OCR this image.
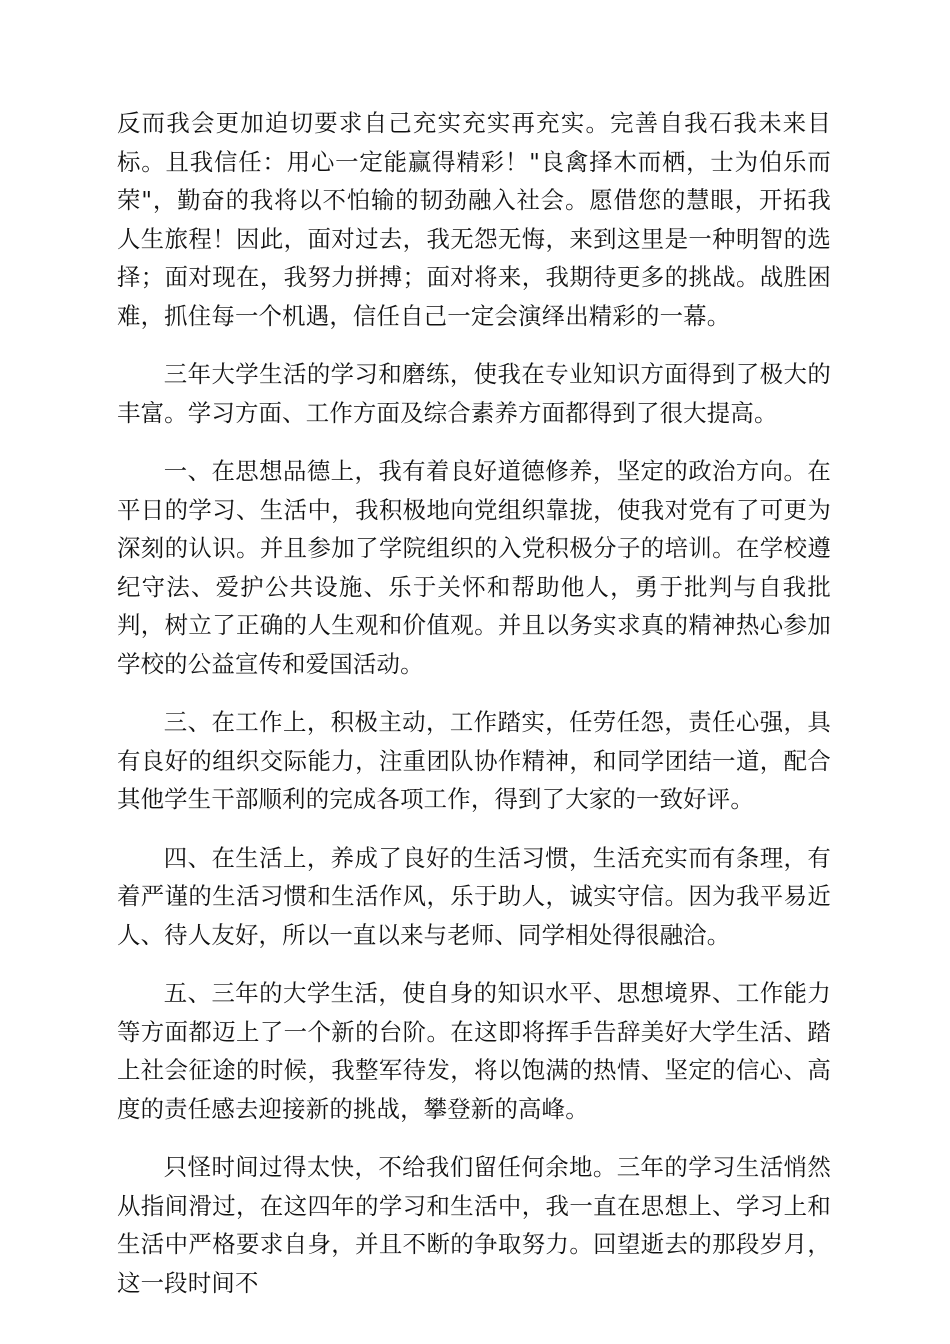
反而我会更加迫切要求自己充实充实再充实。完善自我石我未来目标。且我信任：用心一定能赢得精彩！"良禽择木而栖，士为伯乐而荣"，勤奋的我将以不怕输的韧劲融入社会。愿借您的慧眼，开拓我人生旅程！因此，面对过去，我无怨无悔，来到这里是一种明智的选择；面对现在，我努力拼搏；面对将来，我期待更多的挑战。战胜困难，抓住每一个机遇，信任自己一定会演绎出精彩的一幕。

三年大学生活的学习和磨练，使我在专业知识方面得到了极大的丰富。学习方面、工作方面及综合素养方面都得到了很大提高。

一、在思想品德上，我有着良好道德修养，坚定的政治方向。在平日的学习、生活中，我积极地向党组织靠拢，使我对党有了可更为深刻的认识。并且参加了学院组织的入党积极分子的培训。在学校遵纪守法、爱护公共设施、乐于关怀和帮助他人，勇于批判与自我批判，树立了正确的人生观和价值观。并且以务实求真的精神热心参加学校的公益宣传和爱国活动。

三、在工作上，积极主动，工作踏实，任劳任怨，责任心强，具有良好的组织交际能力，注重团队协作精神，和同学团结一道，配合其他学生干部顺利的完成各项工作，得到了大家的一致好评。

四、在生活上，养成了良好的生活习惯，生活充实而有条理，有着严谨的生活习惯和生活作风，乐于助人，诚实守信。因为我平易近人、待人友好，所以一直以来与老师、同学相处得很融洽。

五、三年的大学生活，使自身的知识水平、思想境界、工作能力等方面都迈上了一个新的台阶。在这即将挥手告辞美好大学生活、踏上社会征途的时候，我整军待发，将以饱满的热情、坚定的信心、高度的责任感去迎接新的挑战，攀登新的高峰。

只怪时间过得太快，不给我们留任何余地。三年的学习生活悄然从指间滑过，在这四年的学习和生活中，我一直在思想上、学习上和生活中严格要求自身，并且不断的争取努力。回望逝去的那段岁月，这一段时间不
